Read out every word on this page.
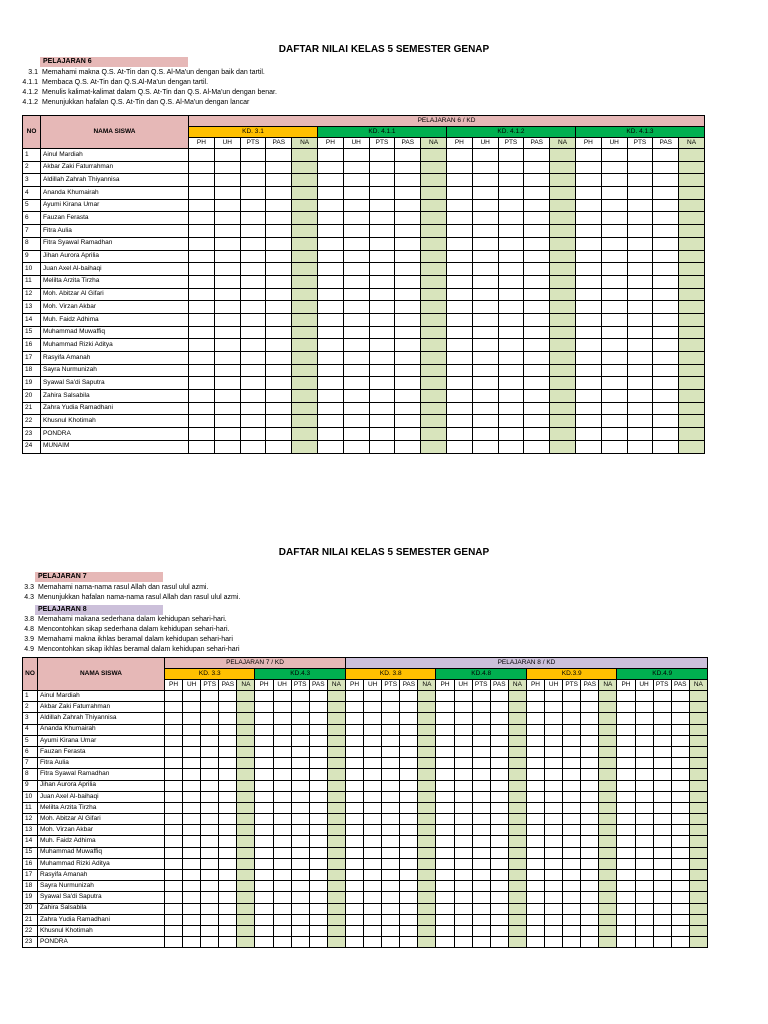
DAFTAR NILAI KELAS 5 SEMESTER GENAP
PELAJARAN 6
3.1 Memahami makna Q.S. At-Tin dan Q.S. Al-Ma'un dengan baik dan tartil.
4.1.1 Membaca Q.S. At-Tin dan Q.S.Al-Ma'un dengan tartil.
4.1.2 Menulis kalimat-kalimat dalam Q.S. At-Tin dan Q.S. Al-Ma'un dengan benar.
4.1.2 Menunjukkan hafalan Q.S. At-Tin dan Q.S. Al-Ma'un dengan lancar
NO	NAMA SISWA	PELAJARAN 6 / KD																			
		KD. 3.1					KD. 4.1.1					KD. 4.1.2					KD. 4.1.3				
		PH	UH	PTS	PAS	NA	PH	UH	PTS	PAS	NA	PH	UH	PTS	PAS	NA	PH	UH	PTS	PAS	NA
1	Ainul Mardiah																				
2	Akbar Zaki Faturrahman																				
3	Aldillah Zahrah Thiyannisa																				
4	Ananda Khumairah																				
5	Ayumi Kirana Umar																				
6	Fauzan Ferasta																				
7	Fitra Aulia																				
8	Fitra Syawal Ramadhan																				
9	Jihan Aurora Aprilia																				
10	Juan Axel Al-baihaqi																				
11	Melilta Arzita Tirzha																				
12	Moh. Abitzar Al Gifari																				
13	Moh. Virzan Akbar																				
14	Muh. Faidz Adhima																				
15	Muhammad Muwaffiq																				
16	Muhammad Rizki Aditya																				
17	Rasyifa Amanah																				
18	Sayra Nurmunizah																				
19	Syawal Sa'di Saputra																				
20	Zahira Salsabila																				
21	Zahra Yudia Ramadhani																				
22	Khusnul Khotimah																				
23	PONDRA																				
24	MUNAIM																				
DAFTAR NILAI KELAS 5 SEMESTER GENAP
PELAJARAN 7
3.3 Memahami nama-nama rasul Allah dan rasul ulul azmi.
4.3 Menunjukkan hafalan nama-nama rasul Allah dan rasul ulul azmi.
PELAJARAN 8
3.8 Memahami makana sederhana dalam kehidupan sehari-hari.
4.8 Mencontohkan sikap sederhana dalam kehidupan sehari-hari.
3.9 Memahami makna ikhlas beramal dalam kehidupan sehari-hari
4.9 Mencontohkan sikap ikhlas beramal dalam kehidupan sehari-hari
NO	NAMA SISWA	PELAJARAN 7 / KD										PELAJARAN 8 / KD																			
		KD. 3.3					KD.4.3					KD. 3.8					KD.4.8					KD.3.9					KD.4.9				
		PH	UH	PTS	PAS	NA	PH	UH	PTS	PAS	NA	PH	UH	PTS	PAS	NA	PH	UH	PTS	PAS	NA	PH	UH	PTS	PAS	NA	PH	UH	PTS	PAS	NA
1	Ainul Mardiah																														
2	Akbar Zaki Faturrahman																														
3	Aldillah Zahrah Thiyannisa																														
4	Ananda Khumairah																														
5	Ayumi Kirana Umar																														
6	Fauzan Ferasta																														
7	Fitra Aulia																														
8	Fitra Syawal Ramadhan																														
9	Jihan Aurora Aprilia																														
10	Juan Axel Al-baihaqi																														
11	Melilta Arzita Tirzha																														
12	Moh. Abitzar Al Gifari																														
13	Moh. Virzan Akbar																														
14	Muh. Faidz Adhima																														
15	Muhammad Muwaffiq																														
16	Muhammad Rizki Aditya																														
17	Rasyifa Amanah																														
18	Sayra Nurmunizah																														
19	Syawal Sa'di Saputra																														
20	Zahira Salsabila																														
21	Zahra Yudia Ramadhani																														
22	Khusnul Khotimah																														
23	PONDRA																														
